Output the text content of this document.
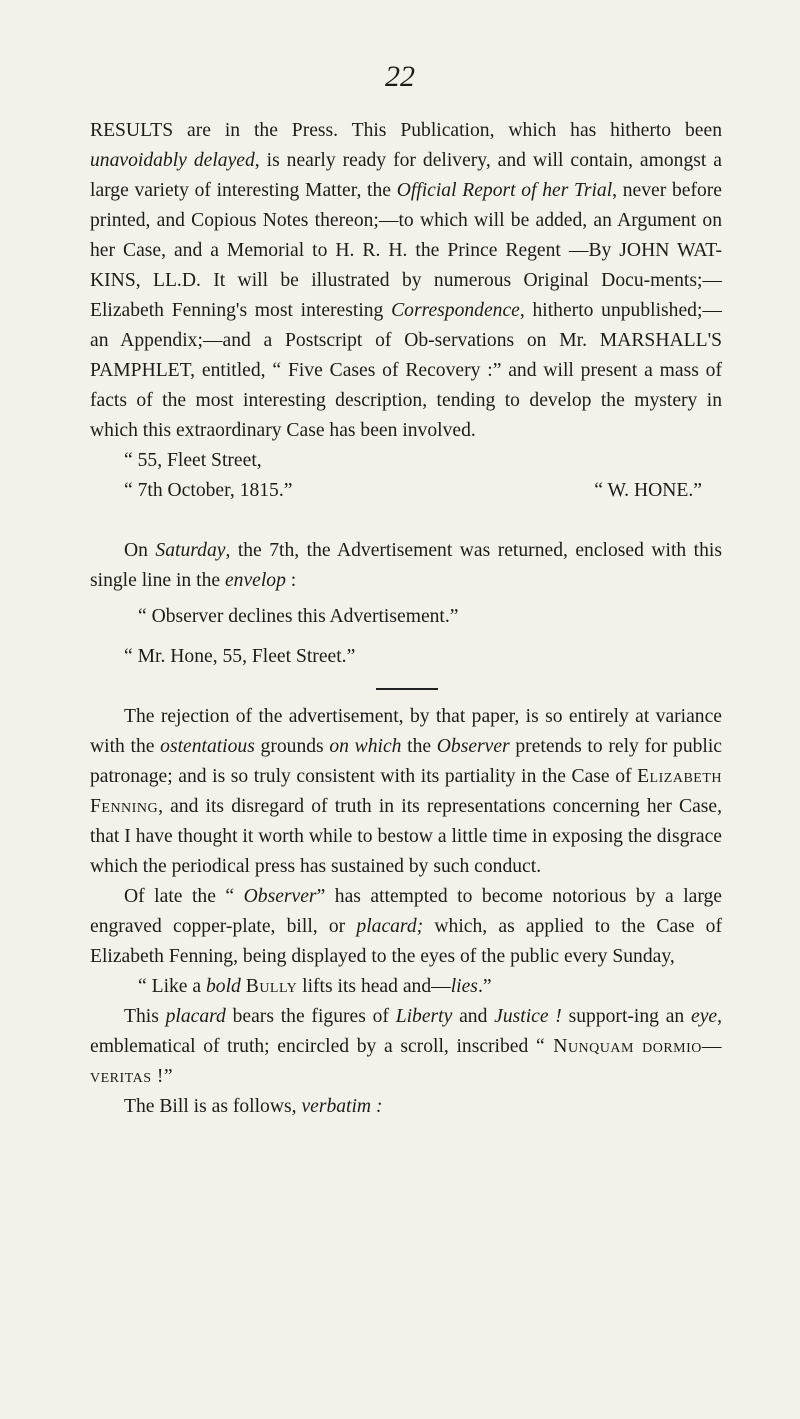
22

RESULTS are in the Press. This Publication, which has hitherto been unavoidably delayed, is nearly ready for delivery, and will contain, amongst a large variety of interesting Matter, the Official Report of her Trial, never before printed, and Copious Notes thereon;—to which will be added, an Argument on her Case, and a Memorial to H. R. H. the Prince Regent —By JOHN WAT-KINS, LL.D. It will be illustrated by numerous Original Docu-ments;— Elizabeth Fenning's most interesting Correspondence, hitherto unpublished;—an Appendix;—and a Postscript of Ob-servations on Mr. MARSHALL'S PAMPHLET, entitled, “ Five Cases of Recovery :” and will present a mass of facts of the most interesting description, tending to develop the mystery in which this extraordinary Case has been involved.

“ 55, Fleet Street,

“ 7th October, 1815.”	“ W. HONE.”

On Saturday, the 7th, the Advertisement was returned, enclosed with this single line in the envelop :

“ Observer declines this Advertisement.”

“ Mr. Hone, 55, Fleet Street.”

The rejection of the advertisement, by that paper, is so entirely at variance with the ostentatious grounds on which the Observer pretends to rely for public patronage; and is so truly consistent with its partiality in the Case of Elizabeth Fenning, and its disregard of truth in its representations concerning her Case, that I have thought it worth while to bestow a little time in exposing the disgrace which the periodical press has sustained by such conduct.

Of late the “ Observer” has attempted to become notorious by a large engraved copper-plate, bill, or placard; which, as applied to the Case of Elizabeth Fenning, being displayed to the eyes of the public every Sunday,

“ Like a bold Bully lifts its head and—lies.”

This placard bears the figures of Liberty and Justice ! support-ing an eye, emblematical of truth; encircled by a scroll, inscribed “ Nunquam dormio—veritas !”

The Bill is as follows, verbatim :
